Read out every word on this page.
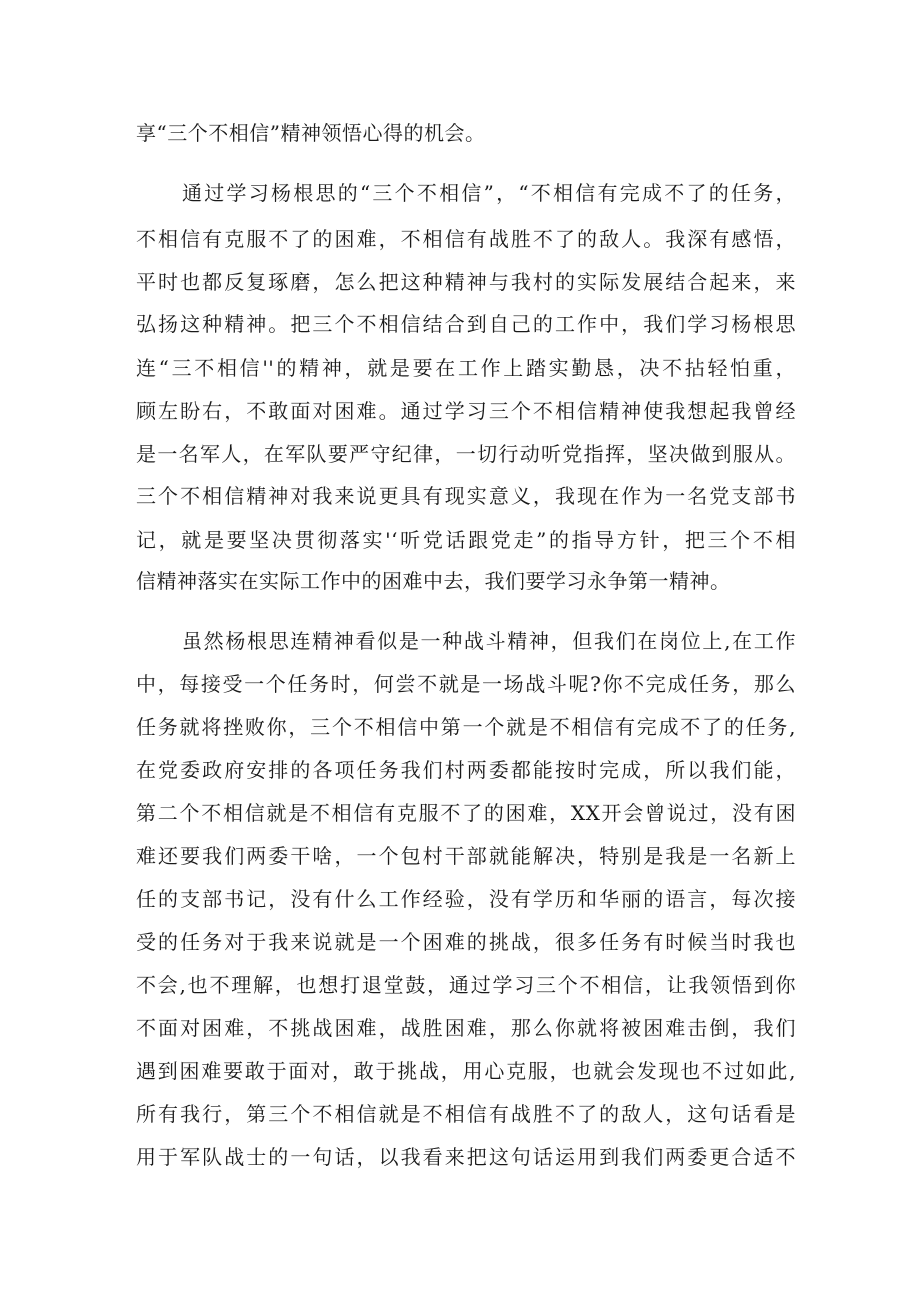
享“三个不相信”精神领悟心得的机会。

通过学习杨根思的“三个不相信”，“不相信有完成不了的任务，

不相信有克服不了的困难，不相信有战胜不了的敌人。我深有感悟，

平时也都反复琢磨，怎么把这种精神与我村的实际发展结合起来，来

弘扬这种精神。把三个不相信结合到自己的工作中，我们学习杨根思

连“三不相信''的精神，就是要在工作上踏实勤恳，决不拈轻怕重，

顾左盼右，不敢面对困难。通过学习三个不相信精神使我想起我曾经

是一名军人，在军队要严守纪律，一切行动听党指挥，坚决做到服从。

三个不相信精神对我来说更具有现实意义，我现在作为一名党支部书

记，就是要坚决贯彻落实'‘听党话跟党走”的指导方针，把三个不相

信精神落实在实际工作中的困难中去，我们要学习永争第一精神。

虽然杨根思连精神看似是一种战斗精神，但我们在岗位上,在工作

中，每接受一个任务时，何尝不就是一场战斗呢?你不完成任务，那么

任务就将挫败你，三个不相信中第一个就是不相信有完成不了的任务,

在党委政府安排的各项任务我们村两委都能按时完成，所以我们能，

第二个不相信就是不相信有克服不了的困难，XX开会曾说过，没有困

难还要我们两委干啥，一个包村干部就能解决，特别是我是一名新上

任的支部书记，没有什么工作经验，没有学历和华丽的语言，每次接

受的任务对于我来说就是一个困难的挑战，很多任务有时候当时我也

不会,也不理解，也想打退堂鼓，通过学习三个不相信，让我领悟到你

不面对困难，不挑战困难，战胜困难，那么你就将被困难击倒，我们

遇到困难要敢于面对，敢于挑战，用心克服，也就会发现也不过如此,

所有我行，第三个不相信就是不相信有战胜不了的敌人，这句话看是

用于军队战士的一句话，以我看来把这句话运用到我们两委更合适不
